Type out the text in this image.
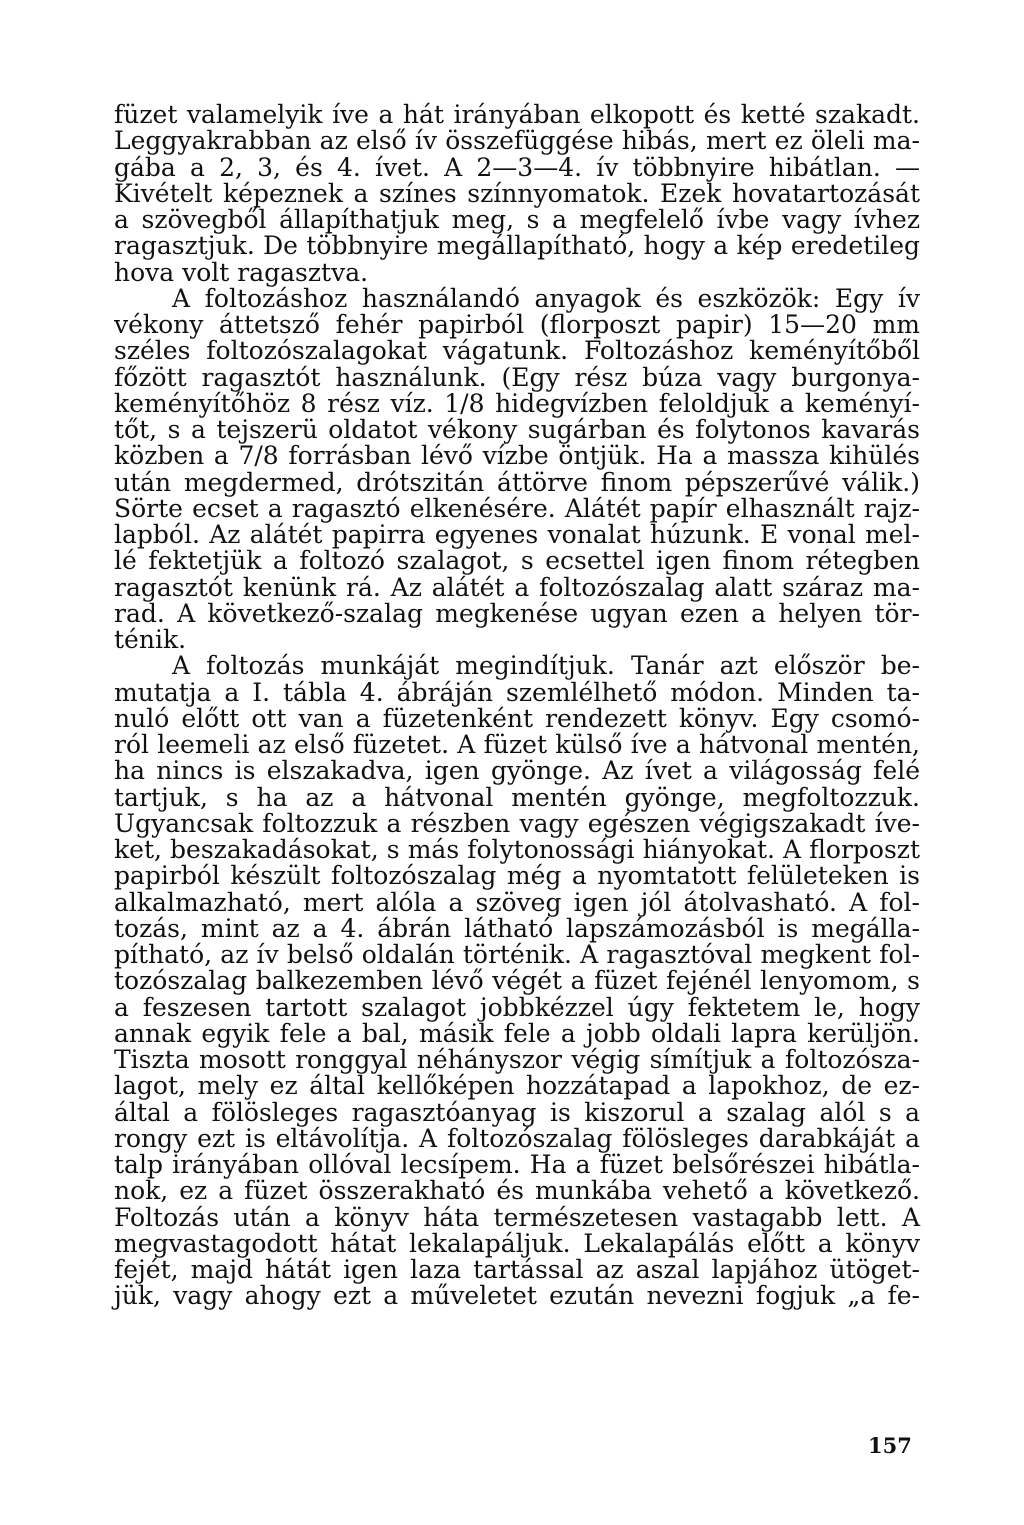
füzet valamelyik íve a hát irányában elkopott és ketté szakadt.
Leggyakrabban az első ív összefüggése hibás, mert ez öleli ma-
gába a 2, 3, és 4. ívet. A 2—3—4. ív többnyire hibátlan. —
Kivételt képeznek a színes színnyomatok. Ezek hovatartozását
a szövegből állapíthatjuk meg, s a megfelelő ívbe vagy ívhez
ragasztjuk. De többnyire megállapítható, hogy a kép eredetileg
hova volt ragasztva.
A foltozáshoz használandó anyagok és eszközök: Egy ív
vékony áttetsző fehér papirból (florposzt papir) 15—20 mm
széles foltozószalagokat vágatunk. Foltozáshoz keményítőből
főzött ragasztót használunk. (Egy rész búza vagy burgonya-
keményítőhöz 8 rész víz. 1/8 hidegvízben feloldjuk a keményí-
tőt, s a tejszerü oldatot vékony sugárban és folytonos kavarás
közben a 7/8 forrásban lévő vízbe öntjük. Ha a massza kihülés
után megdermed, drótszitán áttörve finom pépszerűvé válik.)
Sörte ecset a ragasztó elkenésére. Alátét papír elhasznált rajz-
lapból. Az alátét papirra egyenes vonalat húzunk. E vonal mel-
lé fektetjük a foltozó szalagot, s ecsettel igen finom rétegben
ragasztót kenünk rá. Az alátét a foltozószalag alatt száraz ma-
rad. A következő-szalag megkenése ugyan ezen a helyen tör-
ténik.
A foltozás munkáját megindítjuk. Tanár azt először be-
mutatja a I. tábla 4. ábráján szemlélhető módon. Minden ta-
nuló előtt ott van a füzetenként rendezett könyv. Egy csomó-
ról leemeli az első füzetet. A füzet külső íve a hátvonal mentén,
ha nincs is elszakadva, igen gyönge. Az ívet a világosság felé
tartjuk, s ha az a hátvonal mentén gyönge, megfoltozzuk.
Ugyancsak foltozzuk a részben vagy egészen végigszakadt íve-
ket, beszakadásokat, s más folytonossági hiányokat. A florposzt
papirból készült foltozószalag még a nyomtatott felületeken is
alkalmazható, mert alóla a szöveg igen jól átolvasható. A fol-
tozás, mint az a 4. ábrán látható lapszámozásból is megálla-
pítható, az ív belső oldalán történik. A ragasztóval megkent fol-
tozószalag balkezemben lévő végét a füzet fejénél lenyomom, s
a feszesen tartott szalagot jobbkézzel úgy fektetem le, hogy
annak egyik fele a bal, másik fele a jobb oldali lapra kerüljön.
Tiszta mosott ronggyal néhányszor végig símítjuk a foltozósza-
lagot, mely ez által kellőképen hozzátapad a lapokhoz, de ez-
által a fölösleges ragasztóanyag is kiszorul a szalag alól s a
rongy ezt is eltávolítja. A foltozószalag fölösleges darabkáját a
talp irányában ollóval lecsípem. Ha a füzet belsőrészei hibátla-
nok, ez a füzet összerakható és munkába vehető a következő.
Foltozás után a könyv háta természetesen vastagabb lett. A
megvastagodott hátat lekalapáljuk. Lekalapálás előtt a könyv
fejét, majd hátát igen laza tartással az aszal lapjához ütöget-
jük, vagy ahogy ezt a műveletet ezután nevezni fogjuk „a fe-
157
